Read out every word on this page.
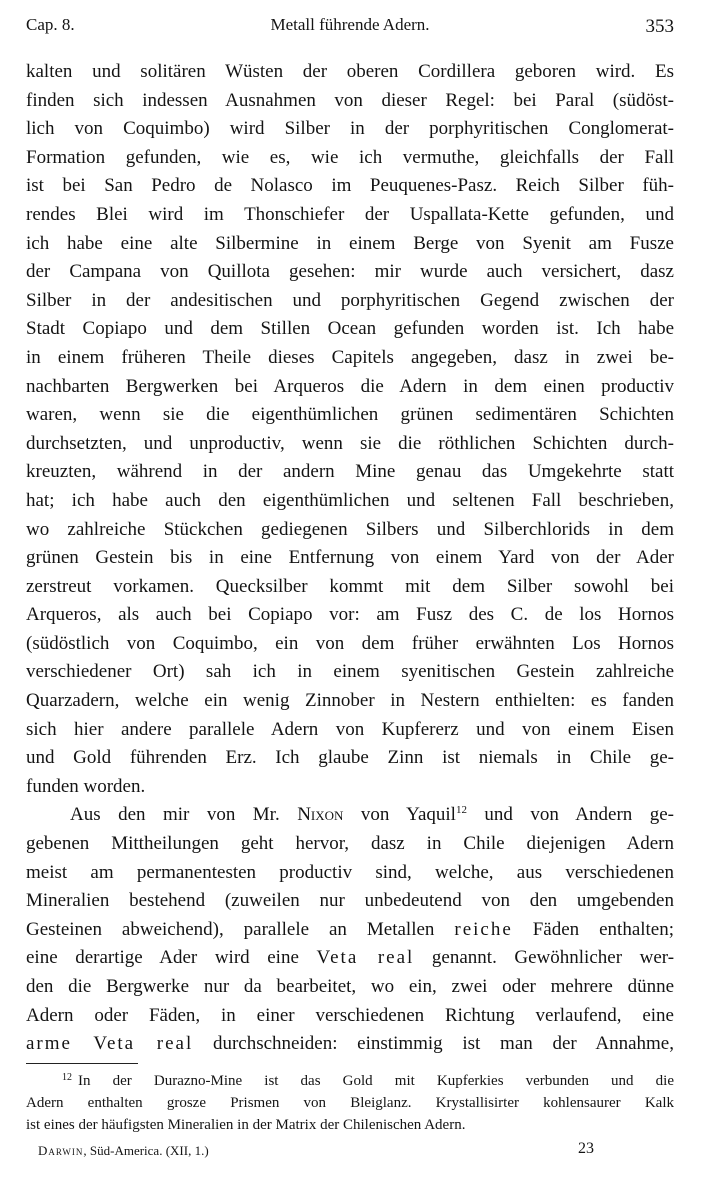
Cap. 8.	Metall führende Adern.	353
kalten und solitären Wüsten der oberen Cordillera geboren wird. Es
finden sich indessen Ausnahmen von dieser Regel: bei Paral (südöst-
lich von Coquimbo) wird Silber in der porphyritischen Conglomerat-
Formation gefunden, wie es, wie ich vermuthe, gleichfalls der Fall
ist bei San Pedro de Nolasco im Peuquenes-Pasz. Reich Silber füh-
rendes Blei wird im Thonschiefer der Uspallata-Kette gefunden, und
ich habe eine alte Silbermine in einem Berge von Syenit am Fusze
der Campana von Quillota gesehen: mir wurde auch versichert, dasz
Silber in der andesitischen und porphyritischen Gegend zwischen der
Stadt Copiapo und dem Stillen Ocean gefunden worden ist. Ich habe
in einem früheren Theile dieses Capitels angegeben, dasz in zwei be-
nachbarten Bergwerken bei Arqueros die Adern in dem einen productiv
waren, wenn sie die eigenthümlichen grünen sedimentären Schichten
durchsetzten, und unproductiv, wenn sie die röthlichen Schichten durch-
kreuzten, während in der andern Mine genau das Umgekehrte statt
hat; ich habe auch den eigenthümlichen und seltenen Fall beschrieben,
wo zahlreiche Stückchen gediegenen Silbers und Silberchlorids in dem
grünen Gestein bis in eine Entfernung von einem Yard von der Ader
zerstreut vorkamen. Quecksilber kommt mit dem Silber sowohl bei
Arqueros, als auch bei Copiapo vor: am Fusz des C. de los Hornos
(südöstlich von Coquimbo, ein von dem früher erwähnten Los Hornos
verschiedener Ort) sah ich in einem syenitischen Gestein zahlreiche
Quarzadern, welche ein wenig Zinnober in Nestern enthielten: es fanden
sich hier andere parallele Adern von Kupfererz und von einem Eisen
und Gold führenden Erz. Ich glaube Zinn ist niemals in Chile ge-
funden worden.
Aus den mir von Mr. Nixon von Yaquil$^{12}$ und von Andern ge-
gebenen Mittheilungen geht hervor, dasz in Chile diejenigen Adern
meist am permanentesten productiv sind, welche, aus verschiedenen
Mineralien bestehend (zuweilen nur unbedeutend von den umgebenden
Gesteinen abweichend), parallele an Metallen reiche Fäden enthalten;
eine derartige Ader wird eine Veta real genannt. Gewöhnlicher wer-
den die Bergwerke nur da bearbeitet, wo ein, zwei oder mehrere dünne
Adern oder Fäden, in einer verschiedenen Richtung verlaufend, eine
arme Veta real durchschneiden: einstimmig ist man der Annahme,
$^{12}$ In der Durazno-Mine ist das Gold mit Kupferkies verbunden und die
Adern enthalten grosze Prismen von Bleiglanz. Krystallisirter kohlensaurer Kalk
ist eines der häufigsten Mineralien in der Matrix der Chilenischen Adern.
Darwin, Süd-America. (XII, 1.)	23
